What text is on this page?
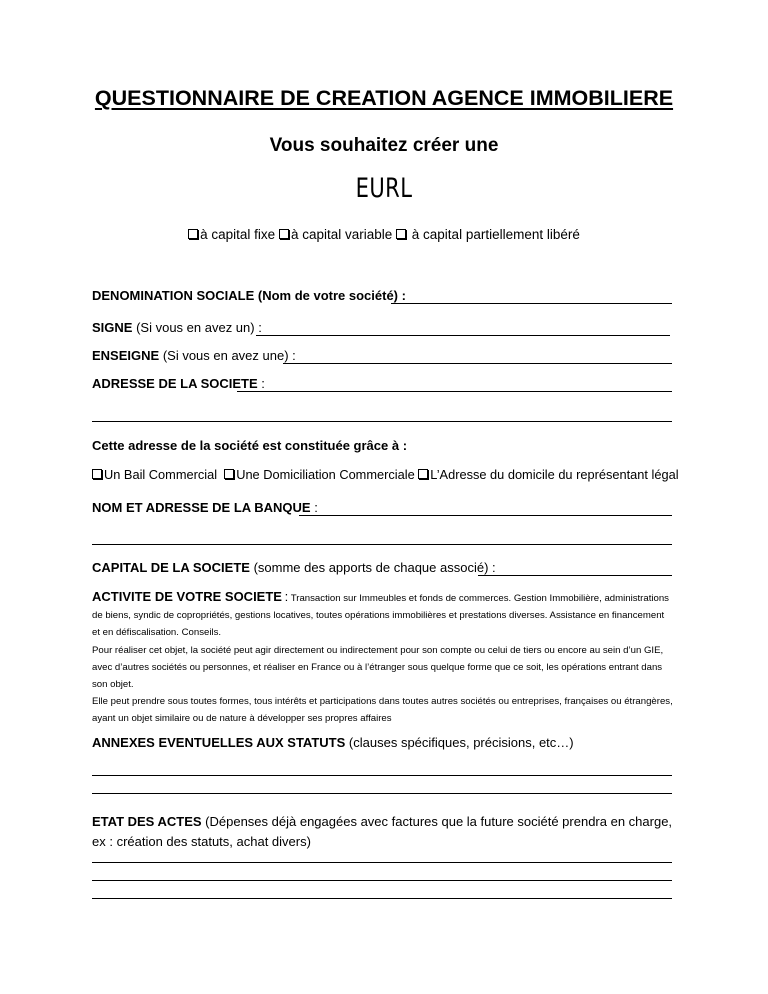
QUESTIONNAIRE DE CREATION AGENCE IMMOBILIERE
Vous souhaitez créer une
EURL
à capital fixe à capital variable à capital partiellement libéré
DENOMINATION SOCIALE (Nom de votre société) :
SIGNE (Si vous en avez un) :
ENSEIGNE (Si vous en avez une) :
ADRESSE DE LA SOCIETE :
Cette adresse de la société est constituée grâce à :
Un Bail Commercial Une Domiciliation Commerciale L’Adresse du domicile du représentant légal
NOM ET ADRESSE DE LA BANQUE :
CAPITAL DE LA SOCIETE (somme des apports de chaque associé) :
ACTIVITE DE VOTRE SOCIETE : Transaction sur Immeubles et fonds de commerces. Gestion Immobilière, administrations de biens, syndic de copropriétés, gestions locatives, toutes opérations immobilières et prestations diverses. Assistance en financement et en défiscalisation. Conseils.
Pour réaliser cet objet, la société peut agir directement ou indirectement pour son compte ou celui de tiers ou encore au sein d’un GIE, avec d’autres sociétés ou personnes, et réaliser en France ou à l’étranger sous quelque forme que ce soit, les opérations entrant dans son objet.
Elle peut prendre sous toutes formes, tous intérêts et participations dans toutes autres sociétés ou entreprises, françaises ou étrangères, ayant un objet similaire ou de nature à développer ses propres affaires
ANNEXES EVENTUELLES AUX STATUTS (clauses spécifiques, précisions, etc…)
ETAT DES ACTES (Dépenses déjà engagées avec factures que la future société prendra en charge, ex : création des statuts, achat divers)
